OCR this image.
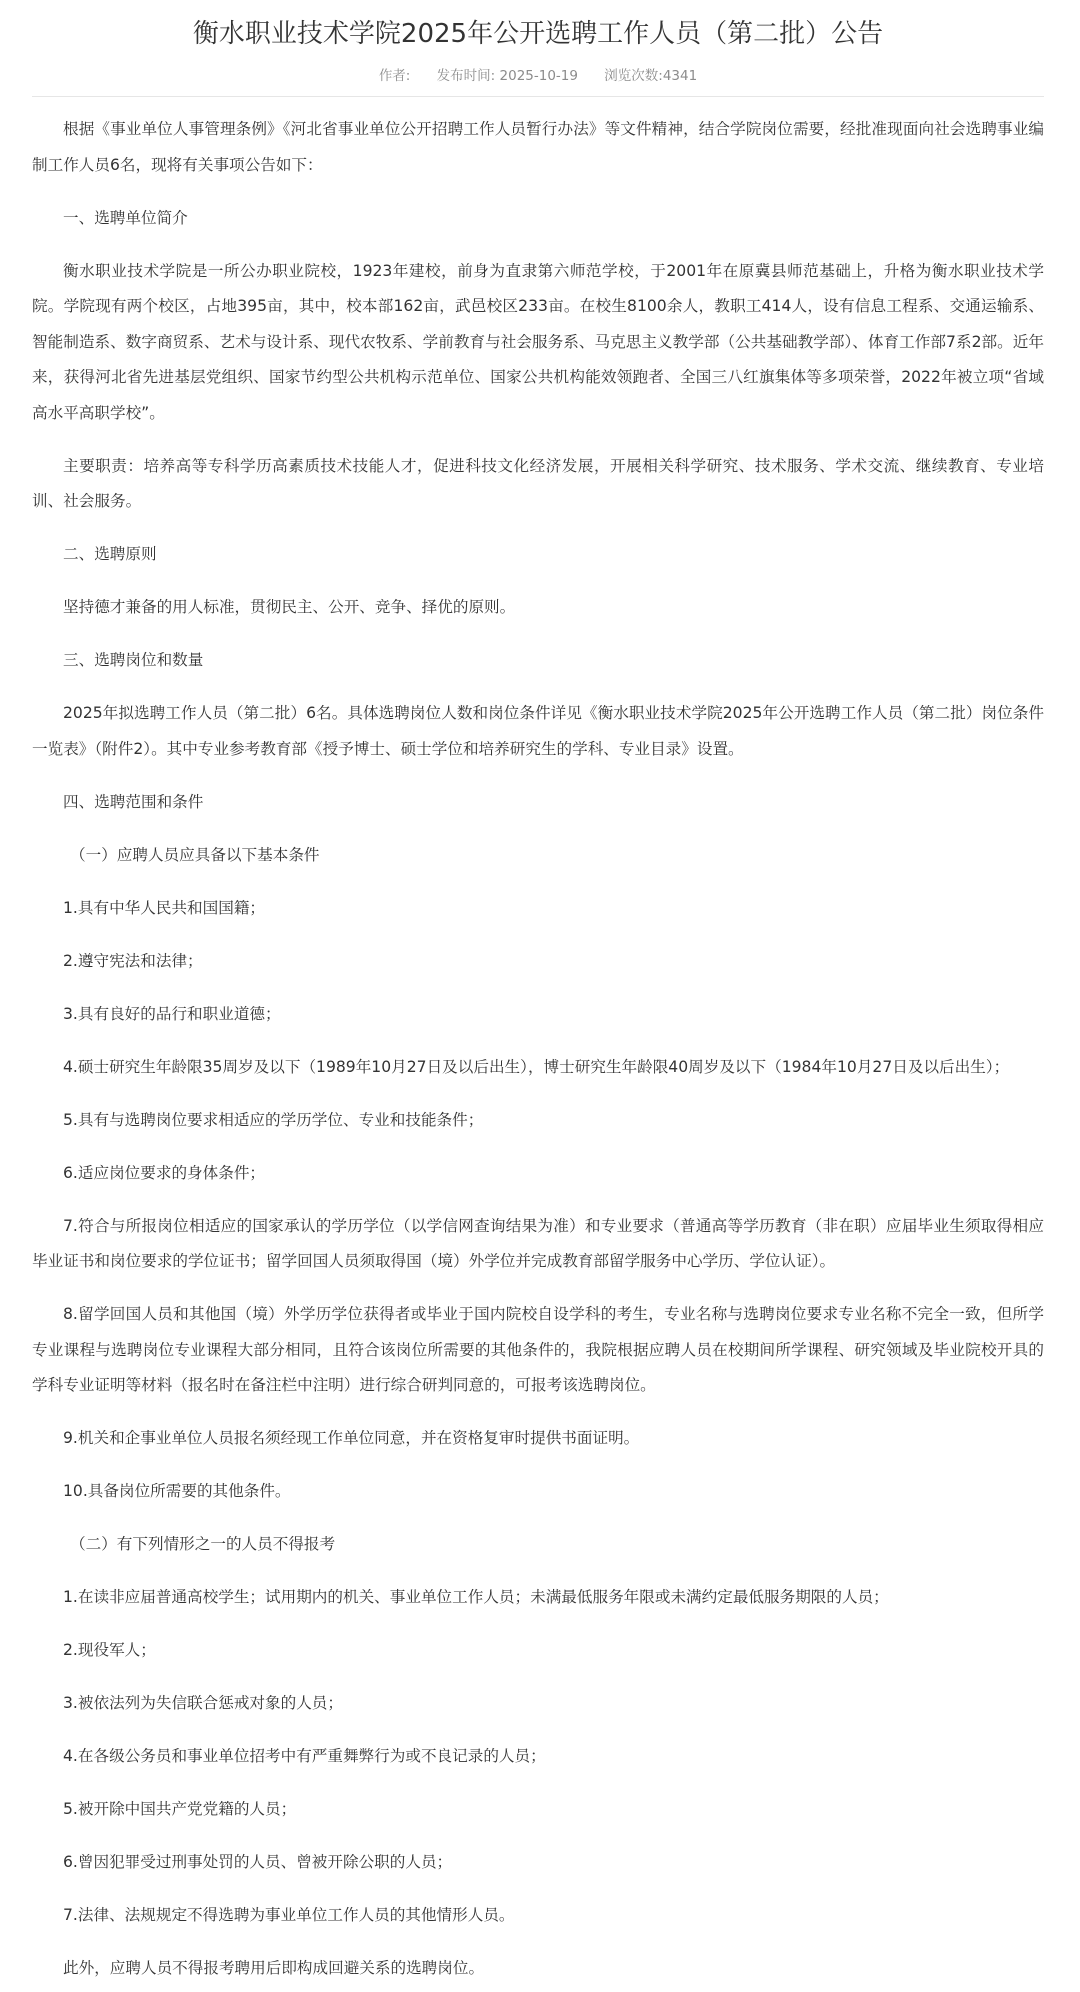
衡水职业技术学院2025年公开选聘工作人员（第二批）公告
作者: 发布时间: 2025-10-19 浏览次数:4341

根据《事业单位人事管理条例》《河北省事业单位公开招聘工作人员暂行办法》等文件精神，结合学院岗位需要，经批准现面向社会选聘事业编制工作人员6名，现将有关事项公告如下：

一、选聘单位简介

衡水职业技术学院是一所公办职业院校，1923年建校，前身为直隶第六师范学校，于2001年在原冀县师范基础上，升格为衡水职业技术学院。学院现有两个校区，占地395亩，其中，校本部162亩，武邑校区233亩。在校生8100余人，教职工414人，设有信息工程系、交通运输系、智能制造系、数字商贸系、艺术与设计系、现代农牧系、学前教育与社会服务系、马克思主义教学部（公共基础教学部）、体育工作部7系2部。近年来，获得河北省先进基层党组织、国家节约型公共机构示范单位、国家公共机构能效领跑者、全国三八红旗集体等多项荣誉，2022年被立项“省域高水平高职学校”。

主要职责：培养高等专科学历高素质技术技能人才，促进科技文化经济发展，开展相关科学研究、技术服务、学术交流、继续教育、专业培训、社会服务。

二、选聘原则

坚持德才兼备的用人标准，贯彻民主、公开、竞争、择优的原则。

三、选聘岗位和数量

2025年拟选聘工作人员（第二批）6名。具体选聘岗位人数和岗位条件详见《衡水职业技术学院2025年公开选聘工作人员（第二批）岗位条件一览表》（附件2）。其中专业参考教育部《授予博士、硕士学位和培养研究生的学科、专业目录》设置。

四、选聘范围和条件

（一）应聘人员应具备以下基本条件

1.具有中华人民共和国国籍；

2.遵守宪法和法律；

3.具有良好的品行和职业道德；

4.硕士研究生年龄限35周岁及以下（1989年10月27日及以后出生），博士研究生年龄限40周岁及以下（1984年10月27日及以后出生）；

5.具有与选聘岗位要求相适应的学历学位、专业和技能条件；

6.适应岗位要求的身体条件；

7.符合与所报岗位相适应的国家承认的学历学位（以学信网查询结果为准）和专业要求（普通高等学历教育（非在职）应届毕业生须取得相应毕业证书和岗位要求的学位证书；留学回国人员须取得国（境）外学位并完成教育部留学服务中心学历、学位认证）。

8.留学回国人员和其他国（境）外学历学位获得者或毕业于国内院校自设学科的考生，专业名称与选聘岗位要求专业名称不完全一致，但所学专业课程与选聘岗位专业课程大部分相同，且符合该岗位所需要的其他条件的，我院根据应聘人员在校期间所学课程、研究领域及毕业院校开具的学科专业证明等材料（报名时在备注栏中注明）进行综合研判同意的，可报考该选聘岗位。

9.机关和企事业单位人员报名须经现工作单位同意，并在资格复审时提供书面证明。

10.具备岗位所需要的其他条件。

（二）有下列情形之一的人员不得报考

1.在读非应届普通高校学生；试用期内的机关、事业单位工作人员；未满最低服务年限或未满约定最低服务期限的人员；

2.现役军人；

3.被依法列为失信联合惩戒对象的人员；

4.在各级公务员和事业单位招考中有严重舞弊行为或不良记录的人员；

5.被开除中国共产党党籍的人员；

6.曾因犯罪受过刑事处罚的人员、曾被开除公职的人员；

7.法律、法规规定不得选聘为事业单位工作人员的其他情形人员。

此外，应聘人员不得报考聘用后即构成回避关系的选聘岗位。
